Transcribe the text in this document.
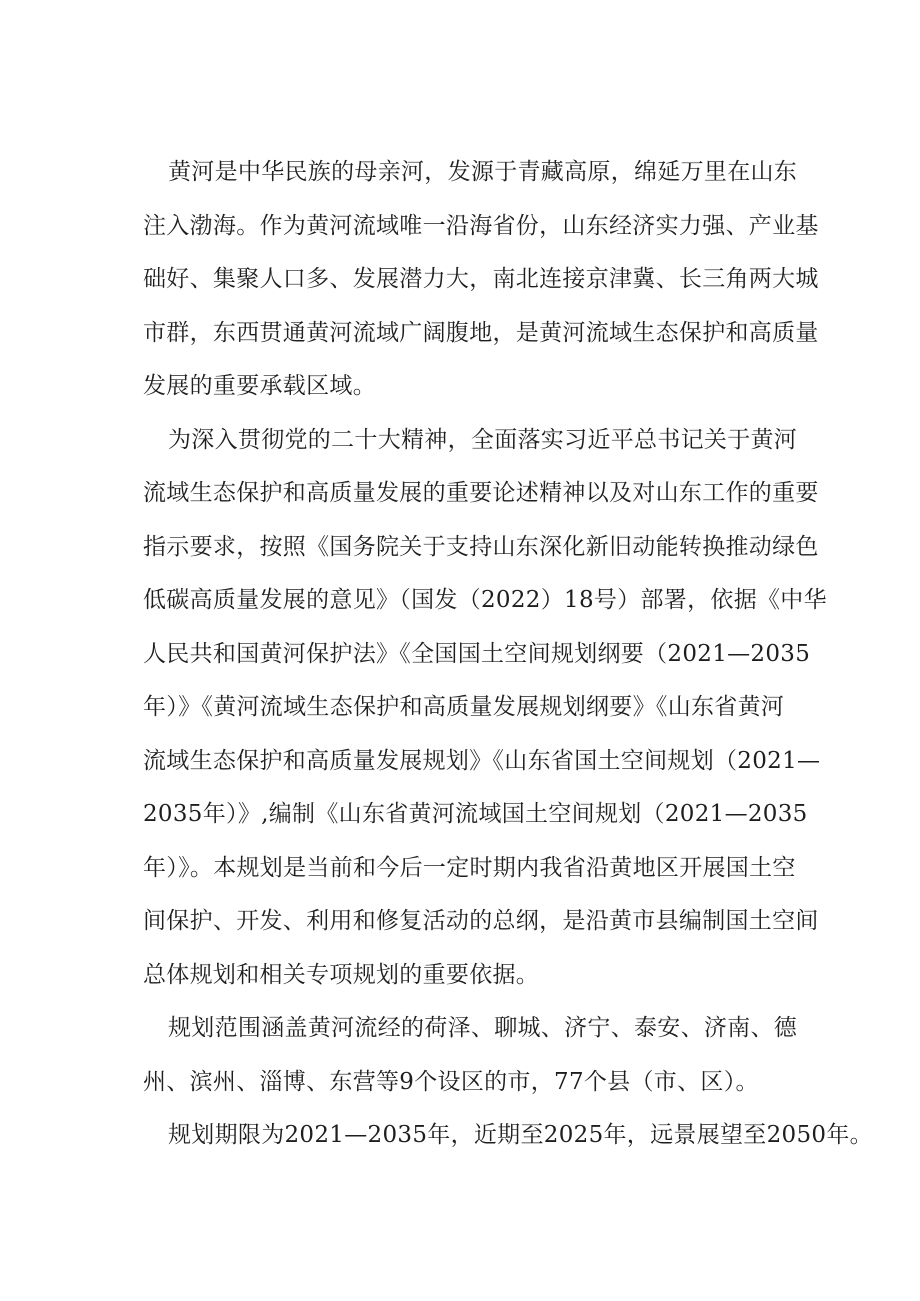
黄河是中华民族的母亲河，发源于青藏高原，绵延万里在山东
注入渤海。作为黄河流域唯一沿海省份，山东经济实力强、产业基
础好、集聚人口多、发展潜力大，南北连接京津冀、长三角两大城
市群，东西贯通黄河流域广阔腹地，是黄河流域生态保护和高质量
发展的重要承载区域。

为深入贯彻党的二十大精神，全面落实习近平总书记关于黄河
流域生态保护和高质量发展的重要论述精神以及对山东工作的重要
指示要求，按照《国务院关于支持山东深化新旧动能转换推动绿色
低碳高质量发展的意见》（国发（2022）18号）部署，依据《中华
人民共和国黄河保护法》《全国国土空间规划纲要（2021—2035
年）》《黄河流域生态保护和高质量发展规划纲要》《山东省黄河
流域生态保护和高质量发展规划》《山东省国土空间规划（2021—
2035年）》,编制《山东省黄河流域国土空间规划（2021—2035
年）》。本规划是当前和今后一定时期内我省沿黄地区开展国土空
间保护、开发、利用和修复活动的总纲，是沿黄市县编制国土空间
总体规划和相关专项规划的重要依据。

规划范围涵盖黄河流经的荷泽、聊城、济宁、泰安、济南、德
州、滨州、淄博、东营等9个设区的市，77个县（市、区）。

规划期限为2021—2035年，近期至2025年，远景展望至2050年。
